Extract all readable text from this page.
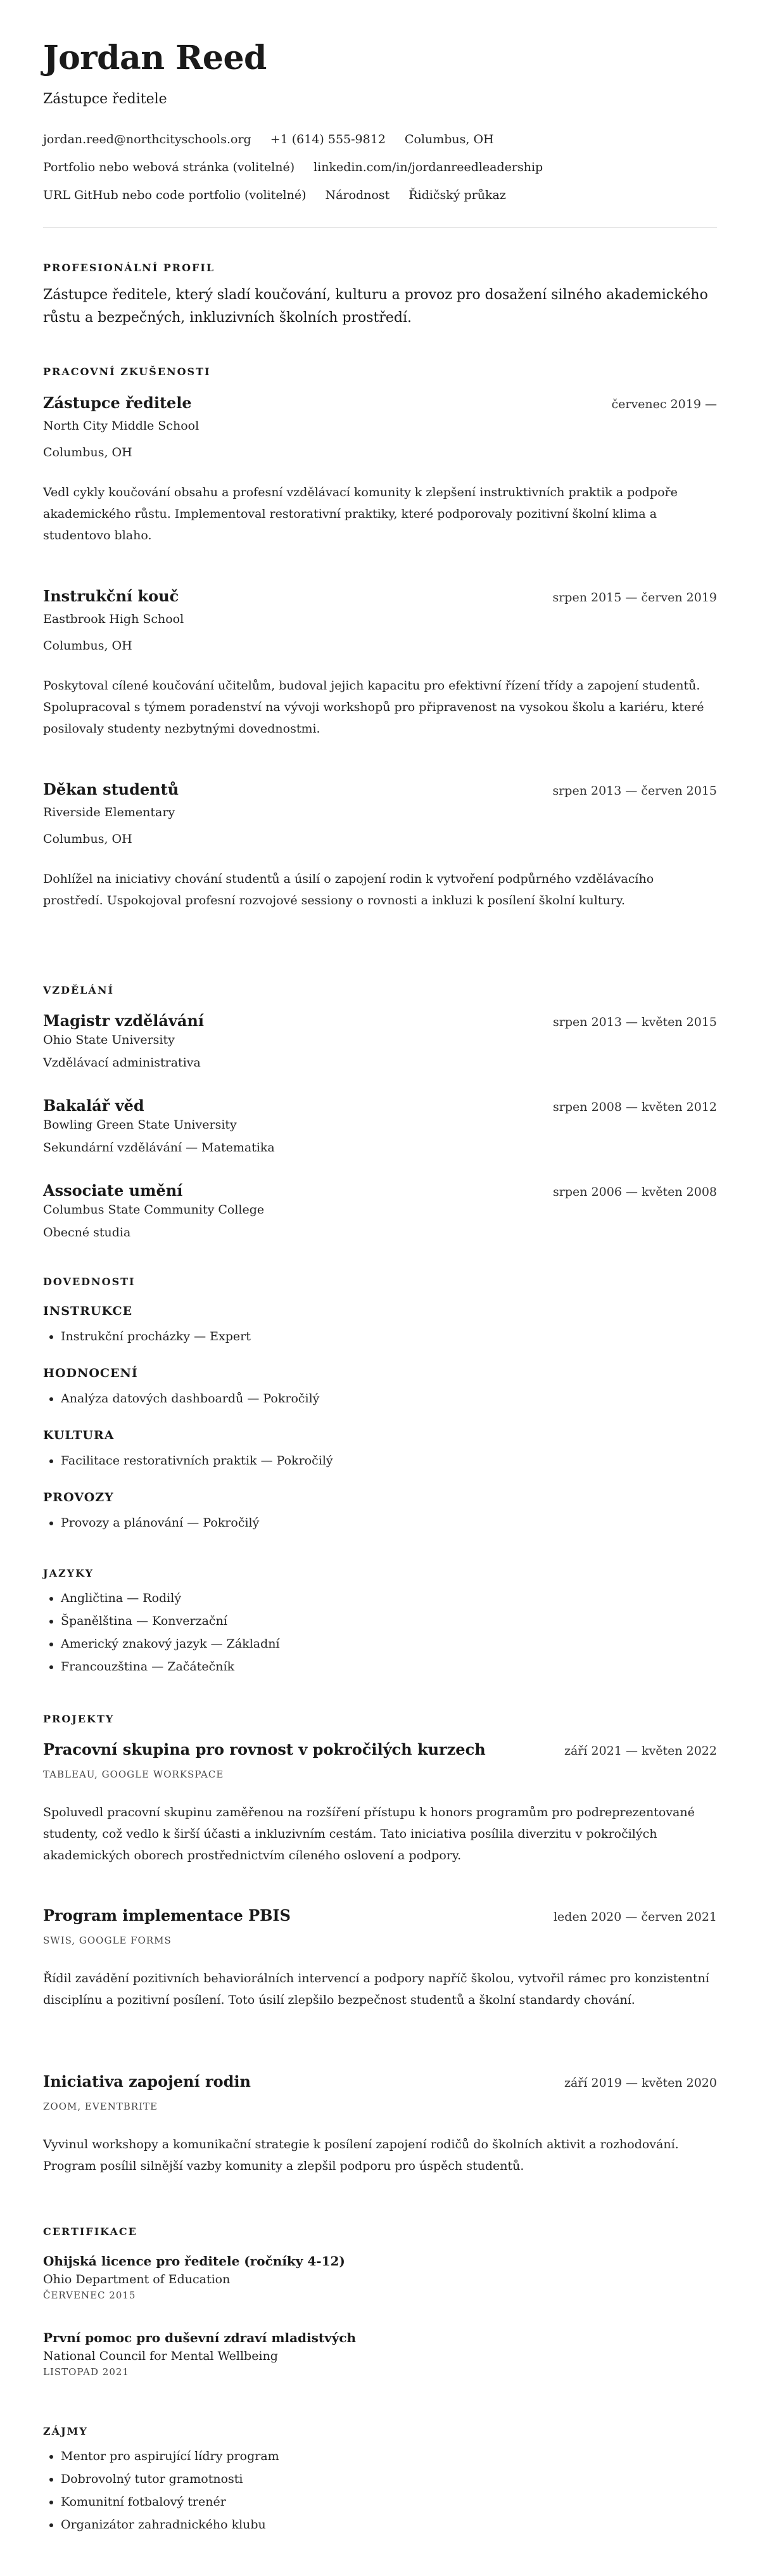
Jordan Reed
Zástupce ředitele
jordan.reed@northcityschools.org +1 (614) 555-9812 Columbus, OH
Portfolio nebo webová stránka (volitelné) linkedin.com/in/jordanreedleadership
URL GitHub nebo code portfolio (volitelné) Národnost Řidičský průkaz
PROFESIONÁLNÍ PROFIL
Zástupce ředitele, který sladí koučování, kulturu a provoz pro dosažení silného akademického růstu a bezpečných, inkluzivních školních prostředí.
PRACOVNÍ ZKUŠENOSTI
Zástupce ředitele	červenec 2019 —
North City Middle School
Columbus, OH
Vedl cykly koučování obsahu a profesní vzdělávací komunity k zlepšení instruktivních praktik a podpoře akademického růstu. Implementoval restorativní praktiky, které podporovaly pozitivní školní klima a studentovo blaho.
Instrukční kouč	srpen 2015 — červen 2019
Eastbrook High School
Columbus, OH
Poskytoval cílené koučování učitelům, budoval jejich kapacitu pro efektivní řízení třídy a zapojení studentů. Spolupracoval s týmem poradenství na vývoji workshopů pro připravenost na vysokou školu a kariéru, které posilovaly studenty nezbytnými dovednostmi.
Děkan studentů	srpen 2013 — červen 2015
Riverside Elementary
Columbus, OH
Dohlížel na iniciativy chování studentů a úsilí o zapojení rodin k vytvoření podpůrného vzdělávacího prostředí. Uspokojoval profesní rozvojové sessiony o rovnosti a inkluzi k posílení školní kultury.
VZDĚLÁNÍ
Magistr vzdělávání	srpen 2013 — květen 2015
Ohio State University
Vzdělávací administrativa
Bakalář věd	srpen 2008 — květen 2012
Bowling Green State University
Sekundární vzdělávání — Matematika
Associate umění	srpen 2006 — květen 2008
Columbus State Community College
Obecné studia
DOVEDNOSTI
INSTRUKCE
• Instrukční procházky — Expert
HODNOCENÍ
• Analýza datových dashboardů — Pokročilý
KULTURA
• Facilitace restorativních praktik — Pokročilý
PROVOZY
• Provozy a plánování — Pokročilý
JAZYKY
• Angličtina — Rodilý
• Španělština — Konverzační
• Americký znakový jazyk — Základní
• Francouzština — Začátečník
PROJEKTY
Pracovní skupina pro rovnost v pokročilých kurzech	září 2021 — květen 2022
TABLEAU, GOOGLE WORKSPACE
Spoluvedl pracovní skupinu zaměřenou na rozšíření přístupu k honors programům pro podreprezentované studenty, což vedlo k širší účasti a inkluzivním cestám. Tato iniciativa posílila diverzitu v pokročilých akademických oborech prostřednictvím cíleného oslovení a podpory.
Program implementace PBIS	leden 2020 — červen 2021
SWIS, GOOGLE FORMS
Řídil zavádění pozitivních behaviorálních intervencí a podpory napříč školou, vytvořil rámec pro konzistentní disciplínu a pozitivní posílení. Toto úsilí zlepšilo bezpečnost studentů a školní standardy chování.
Iniciativa zapojení rodin	září 2019 — květen 2020
ZOOM, EVENTBRITE
Vyvinul workshopy a komunikační strategie k posílení zapojení rodičů do školních aktivit a rozhodování. Program posílil silnější vazby komunity a zlepšil podporu pro úspěch studentů.
CERTIFIKACE
Ohijská licence pro ředitele (ročníky 4-12)
Ohio Department of Education
ČERVENEC 2015
První pomoc pro duševní zdraví mladistvých
National Council for Mental Wellbeing
LISTOPAD 2021
ZÁJMY
• Mentor pro aspirující lídry program
• Dobrovolný tutor gramotnosti
• Komunitní fotbalový trenér
• Organizátor zahradnického klubu
